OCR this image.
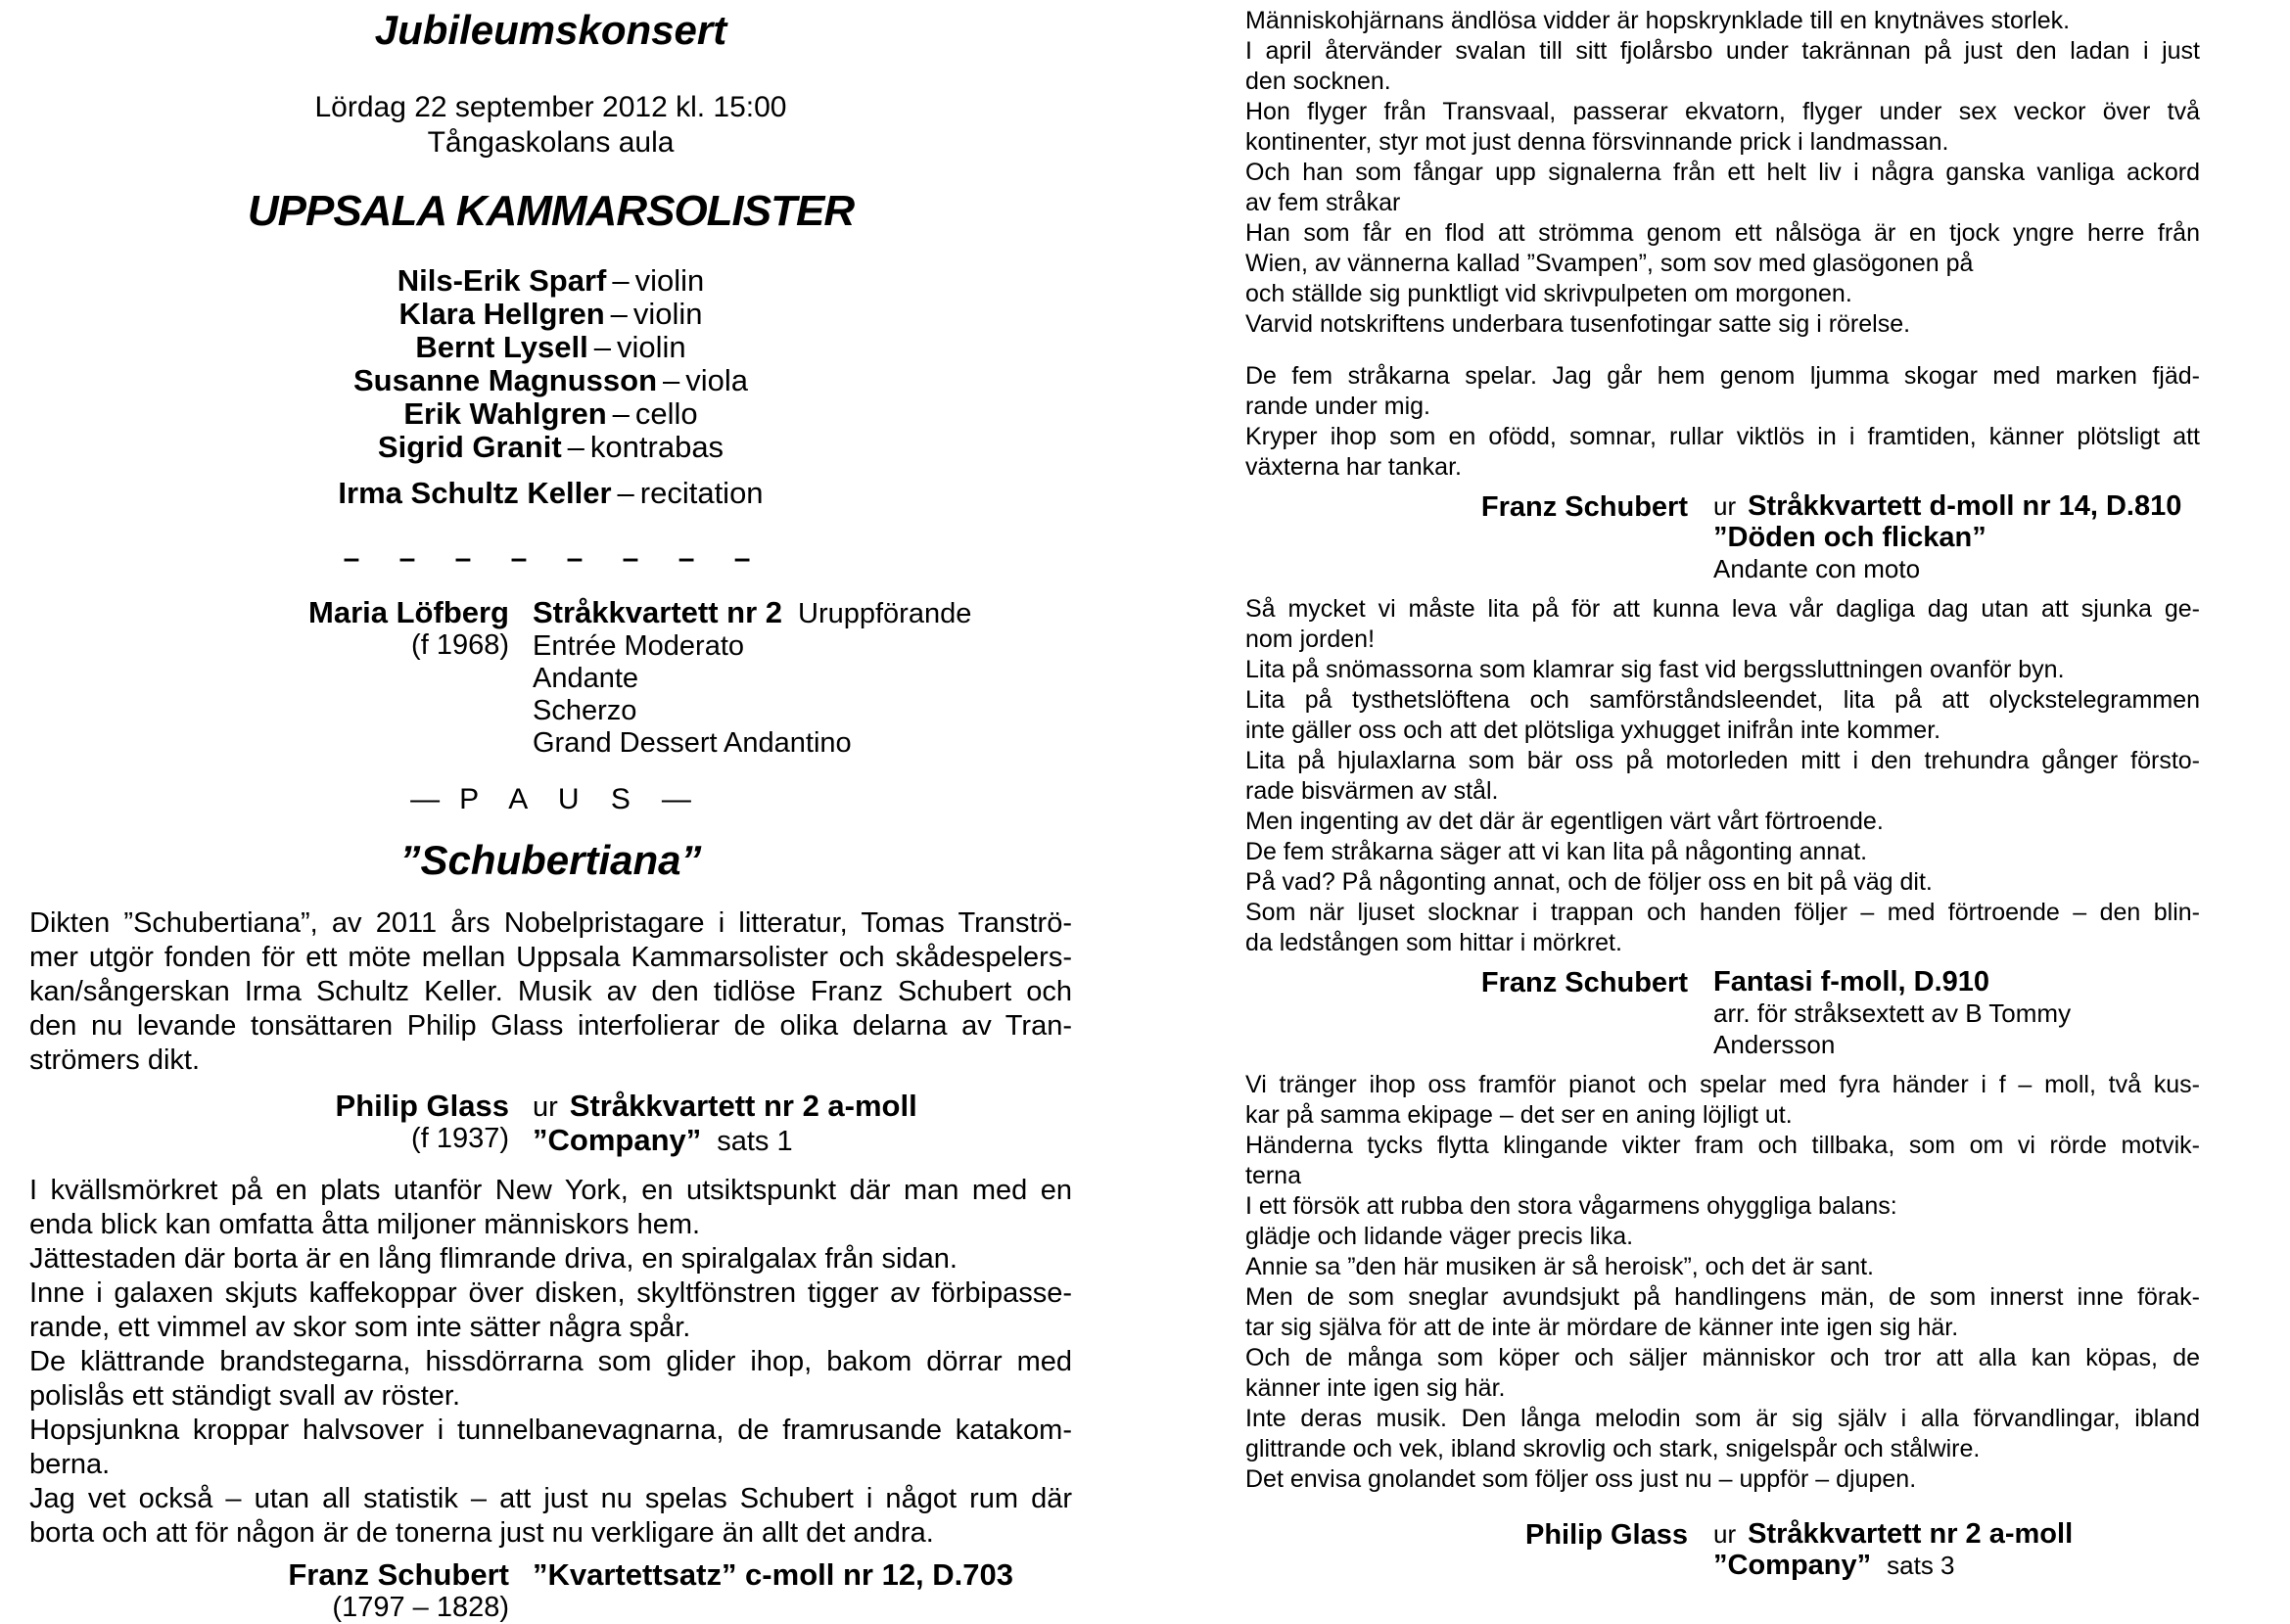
Jubileumskonsert
Lördag 22 september 2012 kl. 15:00
Tångaskolans aula
UPPSALA KAMMARSOLISTER
Nils-Erik Sparf – violin
Klara Hellgren – violin
Bernt Lysell – violin
Susanne Magnusson – viola
Erik Wahlgren – cello
Sigrid Granit – kontrabas
Irma Schultz Keller – recitation
– – – – – – – –
Maria Löfberg
(f 1968)
Stråkkvartett nr 2 Uruppförande
Entrée Moderato
Andante
Scherzo
Grand Dessert Andantino
— P A U S —
”Schubertiana”
Dikten ”Schubertiana”, av 2011 års Nobelpristagare i litteratur, Tomas Tranströ-
mer utgör fonden för ett möte mellan Uppsala Kammarsolister och skådespelers-
kan/sångerskan Irma Schultz Keller. Musik av den tidlöse Franz Schubert och
den nu levande tonsättaren Philip Glass interfolierar de olika delarna av Tran-
strömers dikt.
Philip Glass
(f 1937)
ur Stråkkvartett nr 2 a-moll
”Company” sats 1
I kvällsmörkret på en plats utanför New York, en utsiktspunkt där man med en
enda blick kan omfatta åtta miljoner människors hem.
Jättestaden där borta är en lång flimrande driva, en spiralgalax från sidan.
Inne i galaxen skjuts kaffekoppar över disken, skyltfönstren tigger av förbipasse-
rande, ett vimmel av skor som inte sätter några spår.
De klättrande brandstegarna, hissdörrarna som glider ihop, bakom dörrar med
polislås ett ständigt svall av röster.
Hopsjunkna kroppar halvsover i tunnelbanevagnarna, de framrusande katakom-
berna.
Jag vet också – utan all statistik – att just nu spelas Schubert i något rum där
borta och att för någon är de tonerna just nu verkligare än allt det andra.
Franz Schubert
(1797 – 1828)
”Kvartettsatz” c-moll nr 12, D.703
Människohjärnans ändlösa vidder är hopskrynklade till en knytnäves storlek.
I april återvänder svalan till sitt fjolårsbo under takrännan på just den ladan i just
den socknen.
Hon flyger från Transvaal, passerar ekvatorn, flyger under sex veckor över två
kontinenter, styr mot just denna försvinnande prick i landmassan.
Och han som fångar upp signalerna från ett helt liv i några ganska vanliga ackord
av fem stråkar
Han som får en flod att strömma genom ett nålsöga är en tjock yngre herre från
Wien, av vännerna kallad ”Svampen”, som sov med glasögonen på
och ställde sig punktligt vid skrivpulpeten om morgonen.
Varvid notskriftens underbara tusenfotingar satte sig i rörelse.
De fem stråkarna spelar. Jag går hem genom ljumma skogar med marken fjäd-
rande under mig.
Kryper ihop som en ofödd, somnar, rullar viktlös in i framtiden, känner plötsligt att
växterna har tankar.
Franz Schubert ur Stråkkvartett d-moll nr 14, D.810
”Döden och flickan”
Andante con moto
Så mycket vi måste lita på för att kunna leva vår dagliga dag utan att sjunka ge-
nom jorden!
Lita på snömassorna som klamrar sig fast vid bergssluttningen ovanför byn.
Lita på tysthetslöftena och samförståndsleendet, lita på att olyckstelegrammen
inte gäller oss och att det plötsliga yxhugget inifrån inte kommer.
Lita på hjulaxlarna som bär oss på motorleden mitt i den trehundra gånger försto-
rade bisvärmen av stål.
Men ingenting av det där är egentligen värt vårt förtroende.
De fem stråkarna säger att vi kan lita på någonting annat.
På vad? På någonting annat, och de följer oss en bit på väg dit.
Som när ljuset slocknar i trappan och handen följer – med förtroende – den blin-
da ledstången som hittar i mörkret.
Franz Schubert Fantasi f-moll, D.910
arr. för stråksextett av B Tommy
Andersson
Vi tränger ihop oss framför pianot och spelar med fyra händer i f – moll, två kus-
kar på samma ekipage – det ser en aning löjligt ut.
Händerna tycks flytta klingande vikter fram och tillbaka, som om vi rörde motvik-
terna
I ett försök att rubba den stora vågarmens ohyggliga balans:
glädje och lidande väger precis lika.
Annie sa ”den här musiken är så heroisk”, och det är sant.
Men de som sneglar avundsjukt på handlingens män, de som innerst inne förak-
tar sig själva för att de inte är mördare de känner inte igen sig här.
Och de många som köper och säljer människor och tror att alla kan köpas, de
känner inte igen sig här.
Inte deras musik. Den långa melodin som är sig själv i alla förvandlingar, ibland
glittrande och vek, ibland skrovlig och stark, snigelspår och stålwire.
Det envisa gnolandet som följer oss just nu – uppför – djupen.
Philip Glass ur Stråkkvartett nr 2 a-moll
”Company” sats 3
